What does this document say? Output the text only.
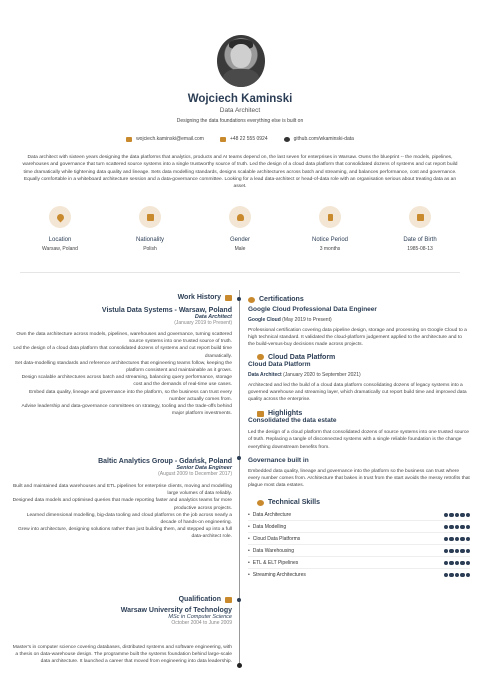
Wojciech Kaminski
Data Architect
Designing the data foundations everything else is built on
wojciech.kaminski@email.com	+48 22 555 0924	github.com/wkaminski-data
Data architect with sixteen years designing the data platforms that analytics, products and AI teams depend on, the last seven for enterprises in Warsaw. Owns the blueprint -- the models, pipelines, warehouses and governance that turn scattered source systems into a single trustworthy source of truth. Led the design of a cloud data platform that consolidated dozens of systems and cut report build time dramatically while tightening data quality and lineage. Sets data modelling standards, designs scalable architectures across batch and streaming, and balances performance, cost and governance. Equally comfortable in a whiteboard architecture session and a data-governance committee. Looking for a lead data-architect or head-of-data role with an organisation serious about treating data as an asset.
Location
Warsaw, Poland
Nationality
Polish
Gender
Male
Notice Period
3 months
Date of Birth
1985-08-13
Work History
Vistula Data Systems - Warsaw, Poland
Data Architect
(January 2019 to Present)
Own the data architecture across models, pipelines, warehouses and governance, turning scattered source systems into one trusted source of truth.
Led the design of a cloud data platform that consolidated dozens of systems and cut report build time dramatically.
Set data-modelling standards and reference architectures that engineering teams follow, keeping the platform consistent and maintainable as it grows.
Design scalable architectures across batch and streaming, balancing query performance, storage cost and the demands of real-time use cases.
Embed data quality, lineage and governance into the platform, so the business can trust every number actually comes from.
Advise leadership and data-governance committees on strategy, tooling and the trade-offs behind major platform investments.
Baltic Analytics Group - Gdańsk, Poland
Senior Data Engineer
(August 2009 to December 2017)
Built and maintained data warehouses and ETL pipelines for enterprise clients, moving and modelling large volumes of data reliably.
Designed data models and optimised queries that made reporting faster and analytics teams far more productive across projects.
Learned dimensional modelling, big-data tooling and cloud platforms on the job across nearly a decade of hands-on engineering.
Grew into architecture, designing solutions rather than just building them, and stepped up into a full data-architect role.
Qualification
Warsaw University of Technology
MSc in Computer Science
October 2004 to June 2009
Master's in computer science covering databases, distributed systems and software engineering, with a thesis on data-warehouse design. The programme built the systems foundation behind large-scale data architecture. It launched a career that moved from engineering into data leadership.
Certifications
Google Cloud Professional Data Engineer
Google Cloud (May 2019 to Present)
Professional certification covering data pipeline design, storage and processing on Google Cloud to a high technical standard. It validated the cloud-platform judgement applied to the architecture and to the build-versus-buy decisions made across projects.
Cloud Data Platform
Cloud Data Platform
Data Architect (January 2020 to September 2021)
Architected and led the build of a cloud data platform consolidating dozens of legacy systems into a governed warehouse and streaming layer, which dramatically cut report build time and improved data quality across the enterprise.
Highlights
Consolidated the data estate
Led the design of a cloud platform that consolidated dozens of source systems into one trusted source of truth. Replacing a tangle of disconnected systems with a single reliable foundation is the change everything downstream benefits from.
Governance built in
Embedded data quality, lineage and governance into the platform so the business can trust where every number comes from. Architecture that bakes in trust from the start avoids the messy retrofits that plague most data estates.
Technical Skills
• Data Architecture
• Data Modelling
• Cloud Data Platforms
• Data Warehousing
• ETL & ELT Pipelines
• Streaming Architectures
